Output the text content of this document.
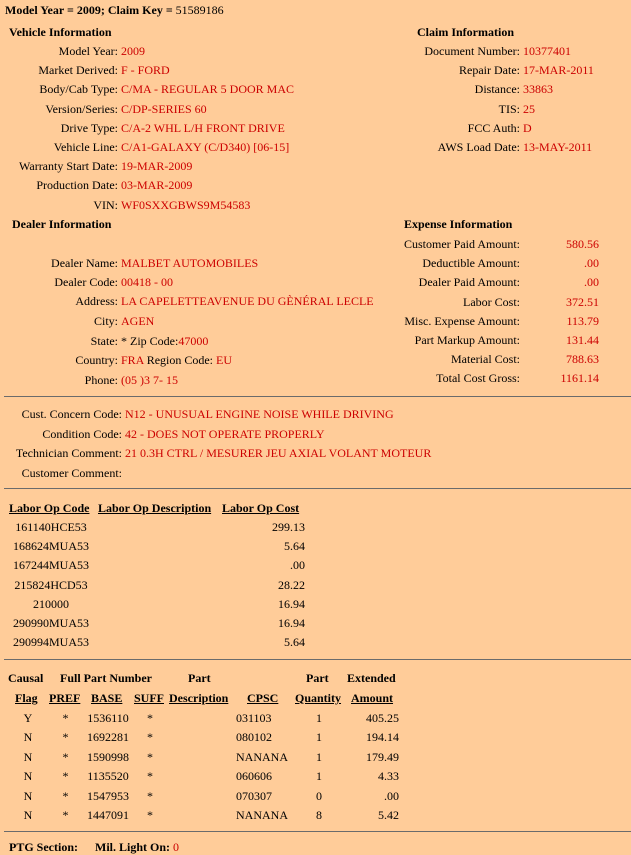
Model Year = 2009; Claim Key = 51589186
Vehicle Information
Model Year: 2009
Market Derived: F - FORD
Body/Cab Type: C/MA - REGULAR 5 DOOR MAC
Version/Series: C/DP-SERIES 60
Drive Type: C/A-2 WHL L/H FRONT DRIVE
Vehicle Line: C/A1-GALAXY (C/D340) [06-15]
Warranty Start Date: 19-MAR-2009
Production Date: 03-MAR-2009
VIN: WF0SXXGBWS9M54583
Claim Information
Document Number: 10377401
Repair Date: 17-MAR-2011
Distance: 33863
TIS: 25
FCC Auth: D
AWS Load Date: 13-MAY-2011
Dealer Information
Dealer Name: MALBET AUTOMOBILES
Dealer Code: 00418 - 00
Address: LA CAPELETTEAVENUE DU GÈNÉRAL LECLE
City: AGEN
State: * Zip Code:47000
Country: FRA Region Code: EU
Phone: (05 )3 7- 15
Expense Information
Customer Paid Amount:	580.56
Deductible Amount:	.00
Dealer Paid Amount:	.00
Labor Cost:	372.51
Misc. Expense Amount:	113.79
Part Markup Amount:	131.44
Material Cost:	788.63
Total Cost Gross:	1161.14
Cust. Concern Code: N12 - UNUSUAL ENGINE NOISE WHILE DRIVING
Condition Code: 42 - DOES NOT OPERATE PROPERLY
Technician Comment: 21 0.3H CTRL / MESURER JEU AXIAL VOLANT MOTEUR
Customer Comment:
Labor Op Code Labor Op Description Labor Op Cost
161140HCE53	299.13
168624MUA53	5.64
167244MUA53	.00
215824HCD53	28.22
210000	16.94
290990MUA53	16.94
290994MUA53	5.64
Causal Full Part Number	Part	Part Extended
Flag PREF BASE SUFF Description CPSC Quantity Amount
Y	*	1536110 *	031103	1	405.25
N	*	1692281 *	080102	1	194.14
N	*	1590998 *	NANANA	1	179.49
N	*	1135520 *	060606	1	4.33
N	*	1547953 *	070307	0	.00
N	*	1447091 *	NANANA	8	5.42
PTG Section: Mil. Light On: 0
